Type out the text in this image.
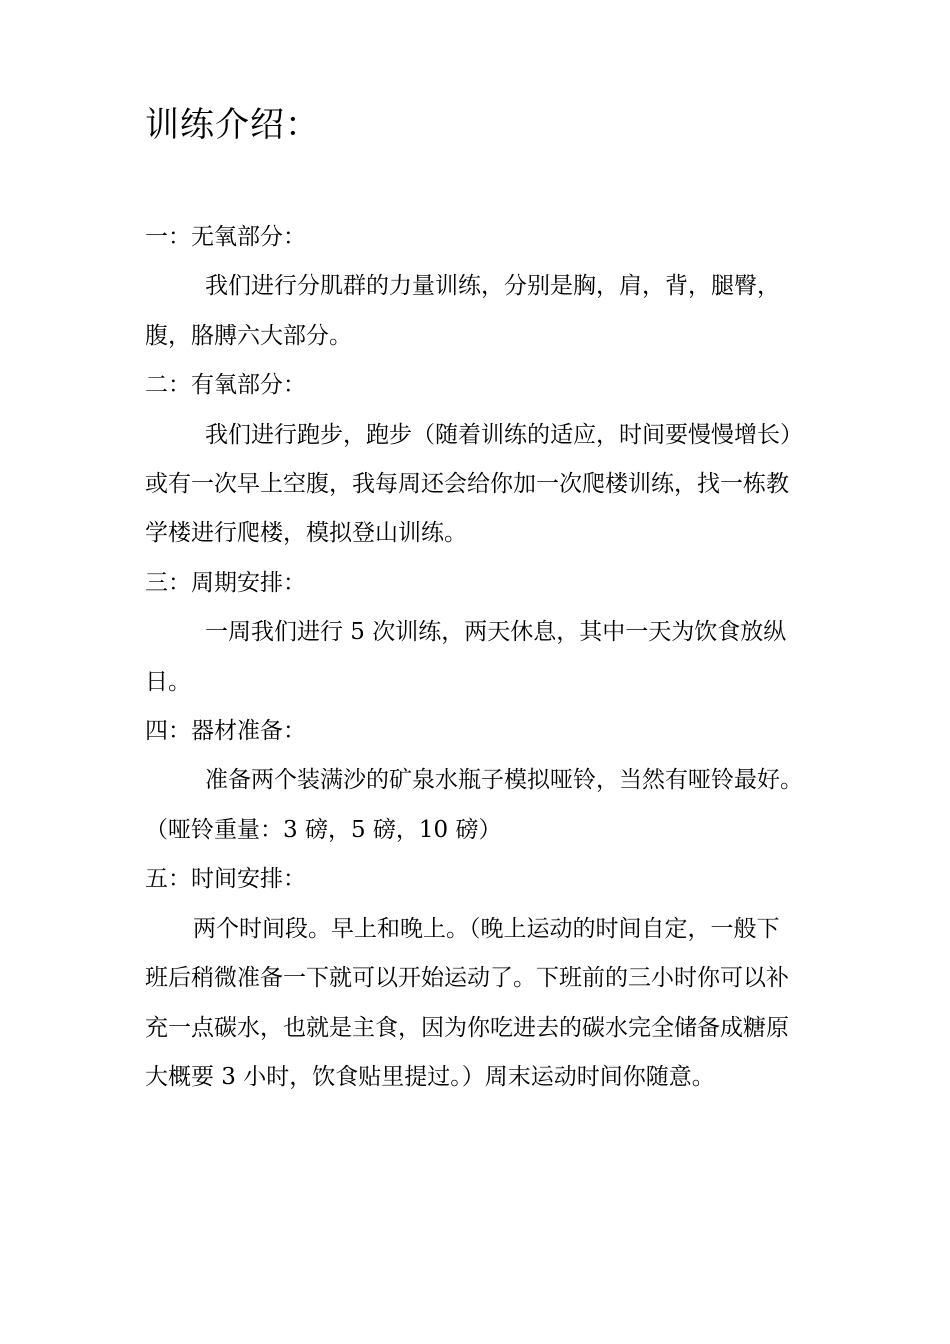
训练介绍：

一：无氧部分：

我们进行分肌群的力量训练，分别是胸，肩，背，腿臀，
腹，胳膊六大部分。

二：有氧部分：

我们进行跑步，跑步（随着训练的适应，时间要慢慢增长）
或有一次早上空腹，我每周还会给你加一次爬楼训练，找一栋教
学楼进行爬楼，模拟登山训练。

三：周期安排：

一周我们进行 5 次训练，两天休息，其中一天为饮食放纵
日。

四：器材准备：

准备两个装满沙的矿泉水瓶子模拟哑铃，当然有哑铃最好。
（哑铃重量：3 磅，5 磅，10 磅）

五：时间安排：

两个时间段。早上和晚上。（晚上运动的时间自定，一般下
班后稍微准备一下就可以开始运动了。下班前的三小时你可以补
充一点碳水，也就是主食，因为你吃进去的碳水完全储备成糖原
大概要 3 小时，饮食贴里提过。）周末运动时间你随意。
